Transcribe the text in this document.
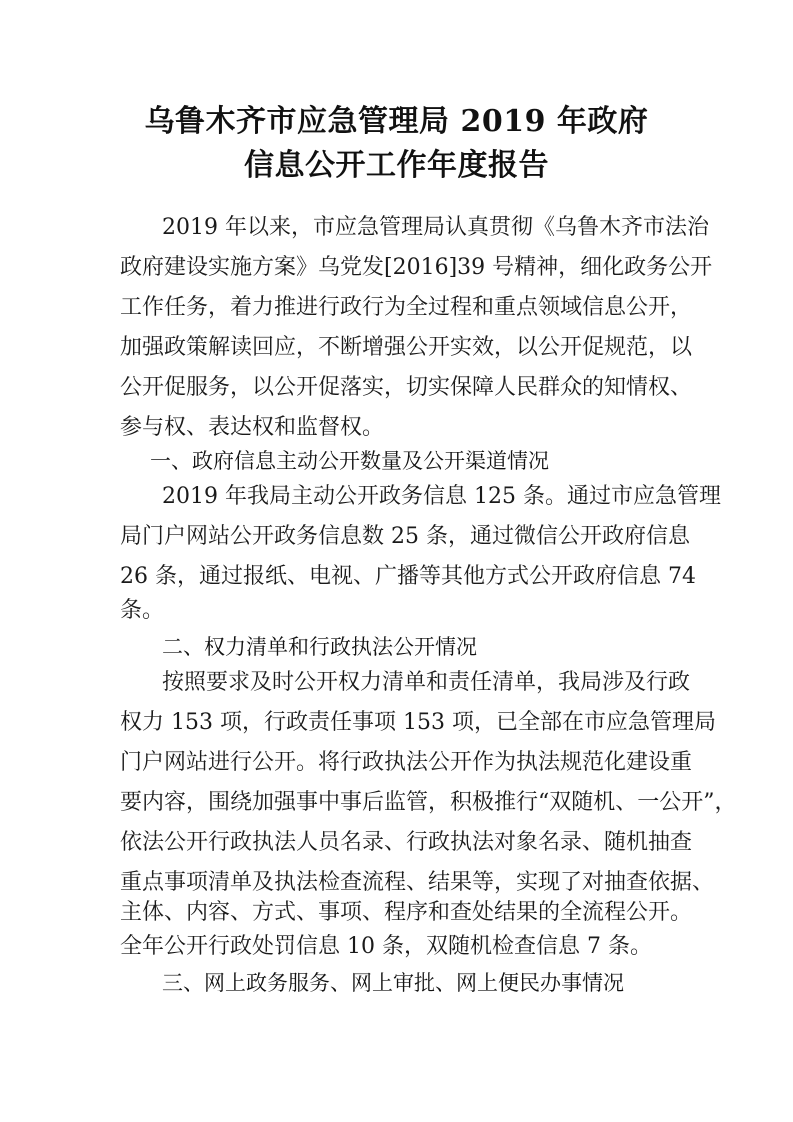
乌鲁木齐市应急管理局 2019 年政府
信息公开工作年度报告
2019 年以来，市应急管理局认真贯彻《乌鲁木齐市法治
政府建设实施方案》乌党发[2016]39 号精神，细化政务公开
工作任务，着力推进行政行为全过程和重点领域信息公开，
加强政策解读回应，不断增强公开实效，以公开促规范，以
公开促服务，以公开促落实，切实保障人民群众的知情权、
参与权、表达权和监督权。
一、政府信息主动公开数量及公开渠道情况
2019 年我局主动公开政务信息 125 条。通过市应急管理
局门户网站公开政务信息数 25 条，通过微信公开政府信息
26 条，通过报纸、电视、广播等其他方式公开政府信息 74
条。
二、权力清单和行政执法公开情况
按照要求及时公开权力清单和责任清单，我局涉及行政
权力 153 项，行政责任事项 153 项，已全部在市应急管理局
门户网站进行公开。将行政执法公开作为执法规范化建设重
要内容，围绕加强事中事后监管，积极推行“双随机、一公开”，
依法公开行政执法人员名录、行政执法对象名录、随机抽查
重点事项清单及执法检查流程、结果等，实现了对抽查依据、
主体、内容、方式、事项、程序和查处结果的全流程公开。
全年公开行政处罚信息 10 条，双随机检查信息 7 条。
三、网上政务服务、网上审批、网上便民办事情况
